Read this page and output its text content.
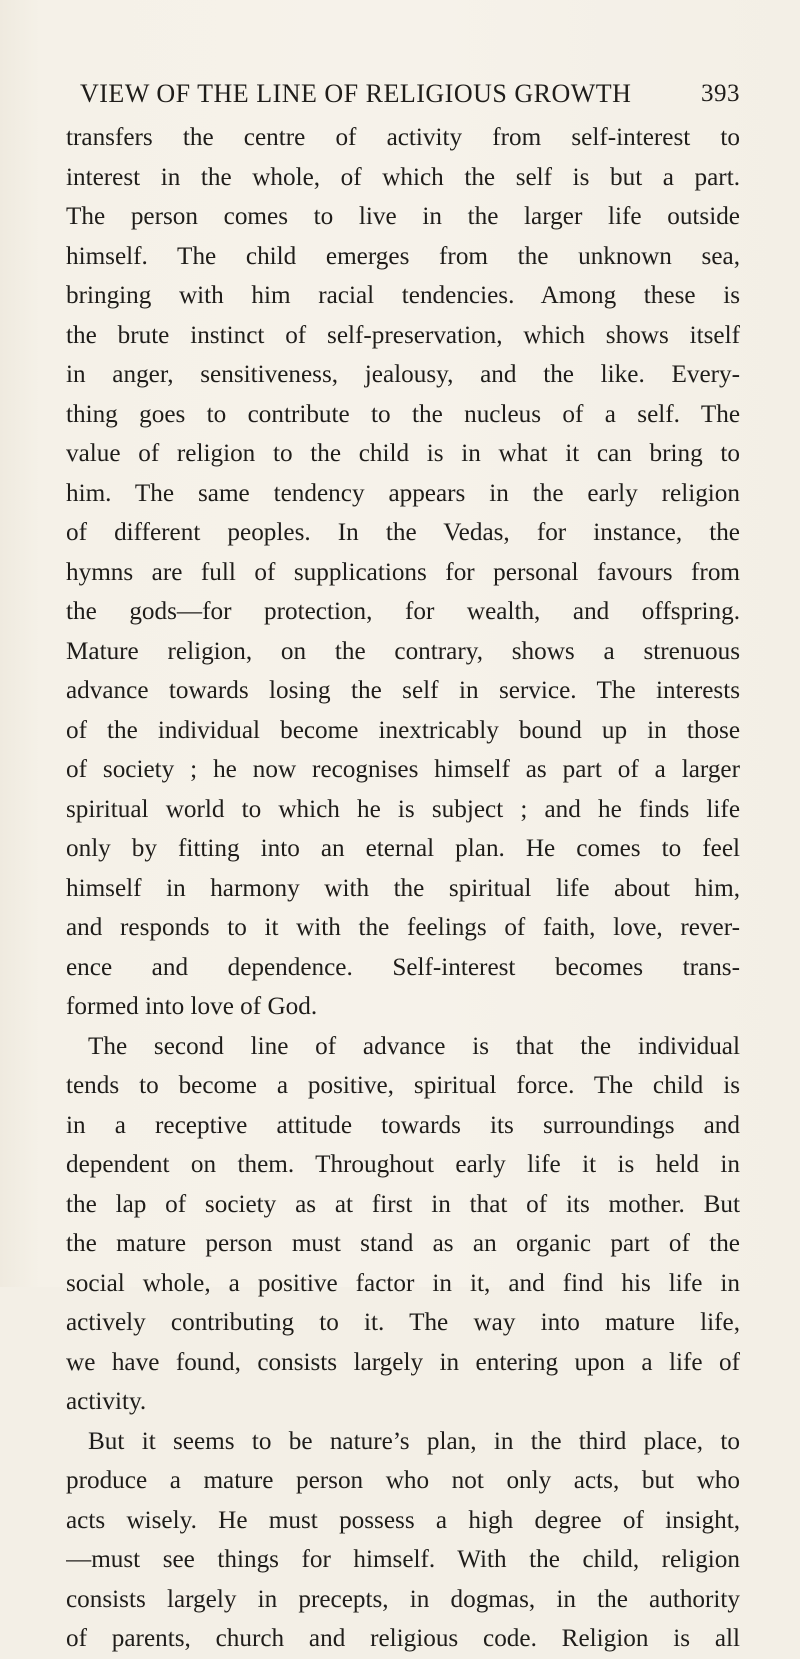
VIEW OF THE LINE OF RELIGIOUS GROWTH	393
transfers the centre of activity from self-interest to
interest in the whole, of which the self is but a part.
The person comes to live in the larger life outside
himself. The child emerges from the unknown sea,
bringing with him racial tendencies. Among these is
the brute instinct of self-preservation, which shows itself
in anger, sensitiveness, jealousy, and the like. Every-
thing goes to contribute to the nucleus of a self. The
value of religion to the child is in what it can bring to
him. The same tendency appears in the early religion
of different peoples. In the Vedas, for instance, the
hymns are full of supplications for personal favours from
the gods—for protection, for wealth, and offspring.
Mature religion, on the contrary, shows a strenuous
advance towards losing the self in service. The interests
of the individual become inextricably bound up in those
of society ; he now recognises himself as part of a larger
spiritual world to which he is subject ; and he finds life
only by fitting into an eternal plan. He comes to feel
himself in harmony with the spiritual life about him,
and responds to it with the feelings of faith, love, rever-
ence and dependence. Self-interest becomes trans-
formed into love of God.
The second line of advance is that the individual
tends to become a positive, spiritual force. The child is
in a receptive attitude towards its surroundings and
dependent on them. Throughout early life it is held in
the lap of society as at first in that of its mother. But
the mature person must stand as an organic part of the
social whole, a positive factor in it, and find his life in
actively contributing to it. The way into mature life,
we have found, consists largely in entering upon a life of
activity.
But it seems to be nature’s plan, in the third place, to
produce a mature person who not only acts, but who
acts wisely. He must possess a high degree of insight,
—must see things for himself. With the child, religion
consists largely in precepts, in dogmas, in the authority
of parents, church and religious code. Religion is all
